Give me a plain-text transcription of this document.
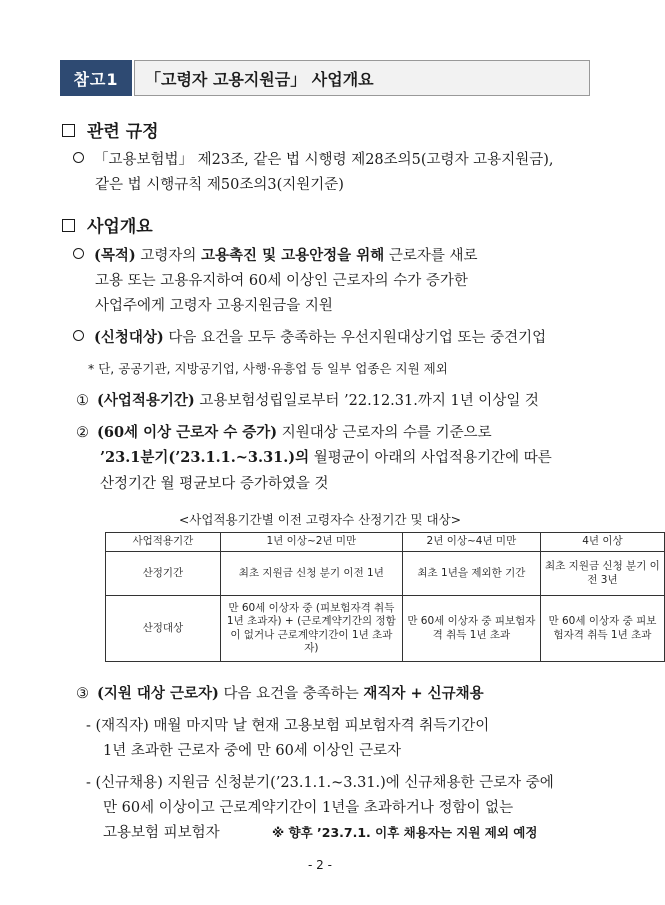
참고1	「고령자 고용지원금」 사업개요
관련 규정
「고용보험법」 제23조, 같은 법 시행령 제28조의5(고령자 고용지원금),
같은 법 시행규칙 제50조의3(지원기준)
사업개요
(목적) 고령자의 고용촉진 및 고용안정을 위해 근로자를 새로
고용 또는 고용유지하여 60세 이상인 근로자의 수가 증가한
사업주에게 고령자 고용지원금을 지원
(신청대상) 다음 요건을 모두 충족하는 우선지원대상기업 또는 중견기업
* 단, 공공기관, 지방공기업, 사행·유흥업 등 일부 업종은 지원 제외
① (사업적용기간) 고용보험성립일로부터 ’22.12.31.까지 1년 이상일 것
② (60세 이상 근로자 수 증가) 지원대상 근로자의 수를 기준으로
’23.1분기(’23.1.1.~3.31.)의 월평균이 아래의 사업적용기간에 따른
산정기간 월 평균보다 증가하였을 것
<사업적용기간별 이전 고령자수 산정기간 및 대상>
사업적용기간	1년 이상~2년 미만	2년 이상~4년 미만	4년 이상
산정기간	최초 지원금 신청 분기 이전 1년	최초 1년을 제외한 기간	최초 지원금 신청 분기 이전 3년
산정대상	만 60세 이상자 중 (피보험자격 취득 1년 초과자) + (근로계약기간의 정함이 없거나 근로계약기간이 1년 초과자)	만 60세 이상자 중 피보험자격 취득 1년 초과	만 60세 이상자 중 피보험자격 취득 1년 초과
③ (지원 대상 근로자) 다음 요건을 충족하는 재직자 + 신규채용
- (재직자) 매월 마지막 날 현재 고용보험 피보험자격 취득기간이
1년 초과한 근로자 중에 만 60세 이상인 근로자
- (신규채용) 지원금 신청분기(’23.1.1.~3.31.)에 신규채용한 근로자 중에
만 60세 이상이고 근로계약기간이 1년을 초과하거나 정함이 없는
고용보험 피보험자	※ 향후 ’23.7.1. 이후 채용자는 지원 제외 예정
- 2 -
